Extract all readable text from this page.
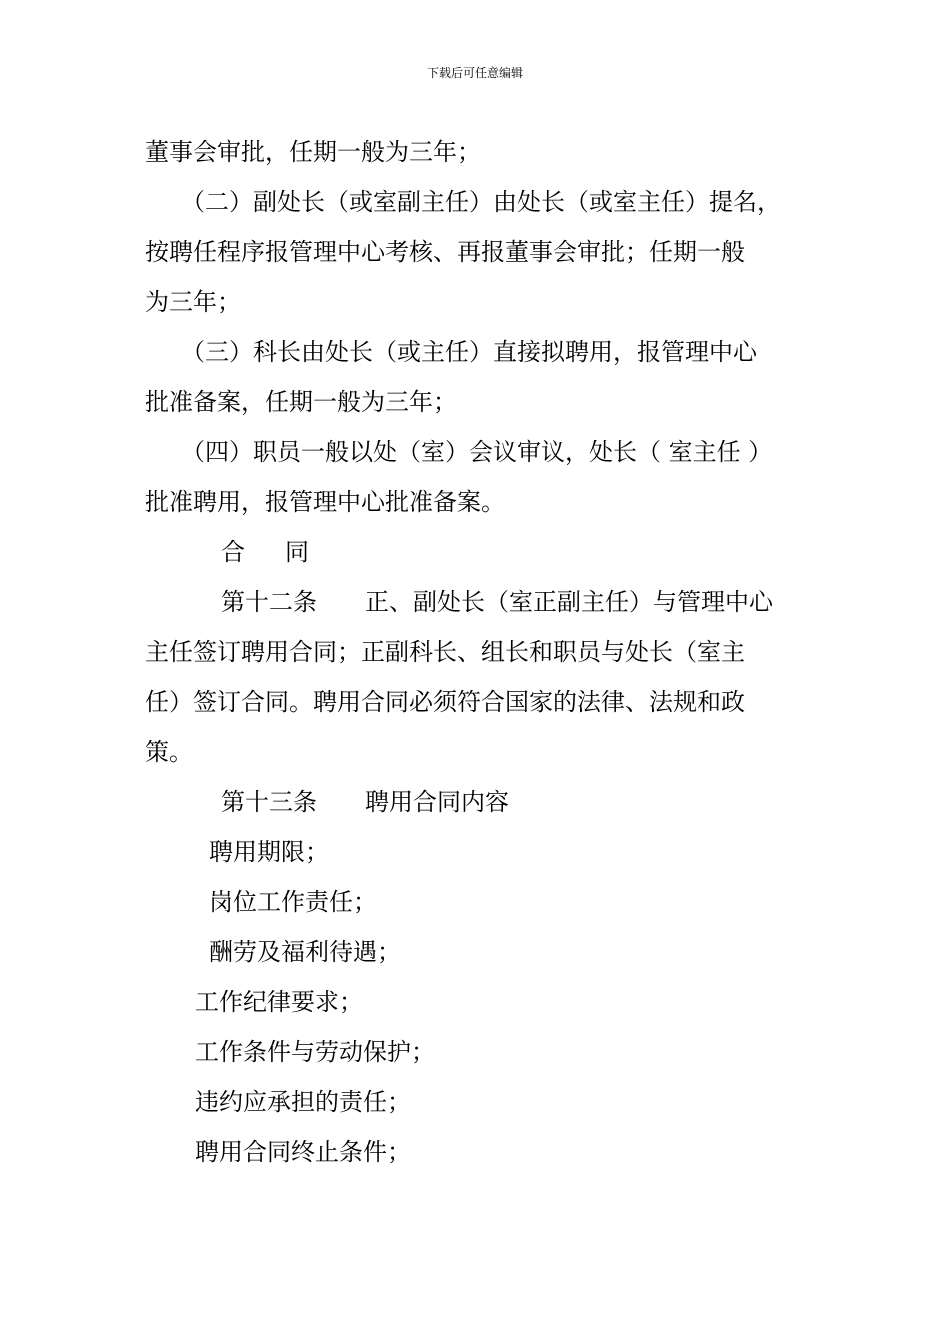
下载后可任意编辑
董事会审批，任期一般为三年；
（二）副处长（或室副主任）由处长（或室主任）提名，
按聘任程序报管理中心考核、再报董事会审批；任期一般
为三年；
（三）科长由处长（或主任）直接拟聘用，报管理中心
批准备案，任期一般为三年；
（四）职员一般以处（室）会议审议，处长（ 室主任 ）
批准聘用，报管理中心批准备案。
合 同
第十二条 正、副处长（室正副主任）与管理中心
主任签订聘用合同；正副科长、组长和职员与处长（室主
任）签订合同。聘用合同必须符合国家的法律、法规和政
策。
第十三条 聘用合同内容
聘用期限；
岗位工作责任；
酬劳及福利待遇；
工作纪律要求；
工作条件与劳动保护；
违约应承担的责任；
聘用合同终止条件；
